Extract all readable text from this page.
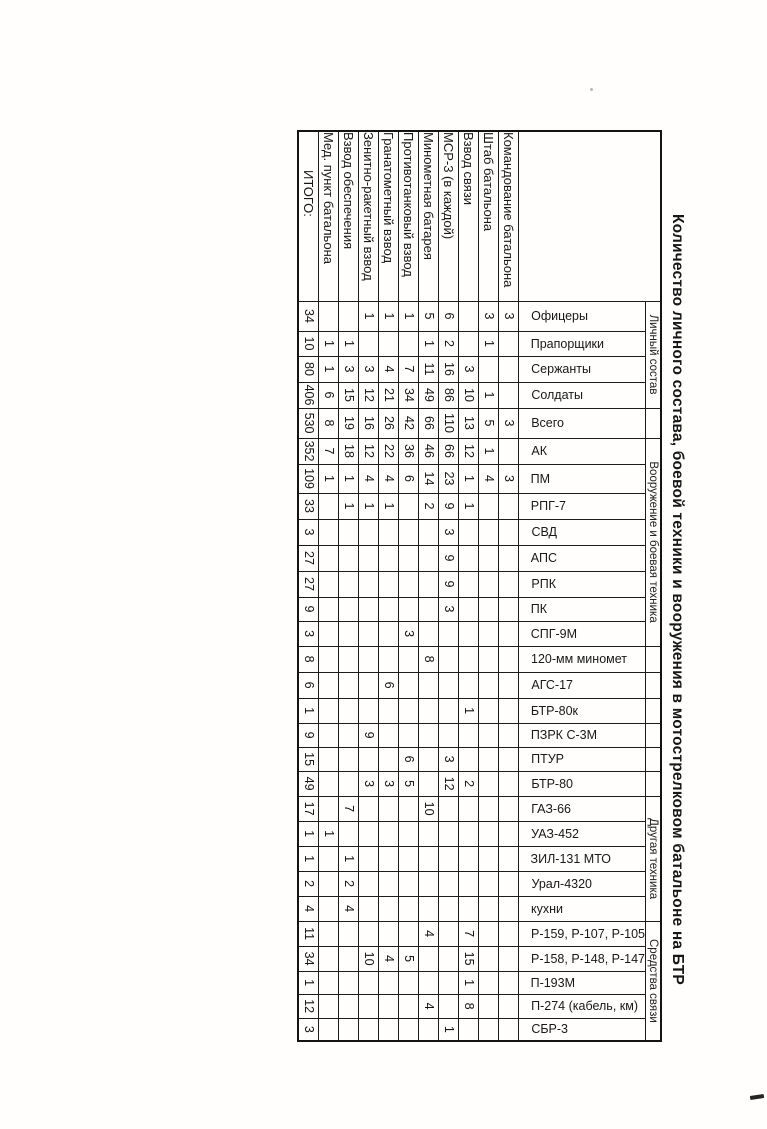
Количество личного состава, боевой техники и вооружения в мотострелковом батальоне на БТР
	Личный состав					Вооружение и боевая техника														Другая техника					Средства связи				
	Офицеры	Прапорщики	Сержанты	Солдаты	Всего	АК	ПМ	РПГ-7	СВД	АПС	РПК	ПК	СПГ-9М	120-мм миномет	АГС-17	БТР-80к	ПЗРК С-3М	ПТУР	БТР-80	ГАЗ-66	УАЗ-452	ЗИЛ-131 МТО	Урал-4320	кухни	Р-159, Р-107, Р-105	Р-158, Р-148, Р-147	П-193М	П-274 (кабель, км)	СБР-3
Командование батальона	3				3		3																						
Штаб батальона	3	1		1	5	1	4																						
Взвод связи			3	10	13	12	1	1								1			2						7	15	1	8	
МСР-3 (в каждой)	6	2	16	86	110	66	23	9	3	9	9	3						3	12										1
Минометная батарея	5	1	11	49	66	46	14	2						8						10					4			4	
Противотанковый взвод	1		7	34	42	36	6						3					6	5							5			
Гранатометный взвод	1		4	21	26	22	4	1							6				3							4			
Зенитно-ракетный взвод	1		3	12	16	12	4	1									9		3							10			
Взвод обеспечения		1	3	15	19	18	1	1												7		1	2	4					
Мед. пункт батальона		1	1	6	8	7	1														1								
ИТОГО:	34	10	80	406	530	352	109	33	3	27	27	9	3	8	6	1	9	15	49	17	1	1	2	4	11	34	1	12	3
